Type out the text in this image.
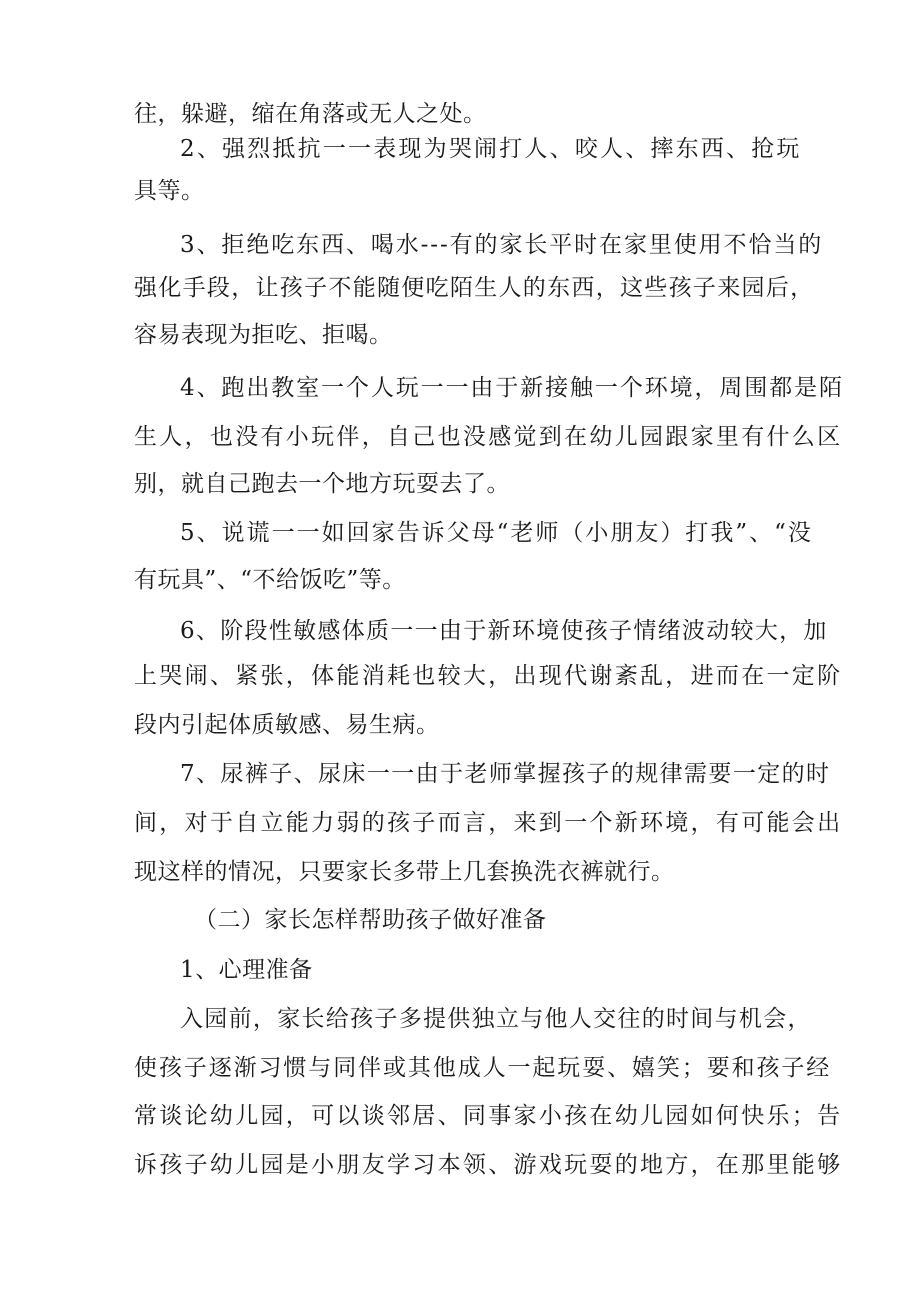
往，躲避，缩在角落或无人之处。
2、强烈抵抗一一表现为哭闹打人、咬人、摔东西、抢玩
具等。
3、拒绝吃东西、喝水---有的家长平时在家里使用不恰当的
强化手段，让孩子不能随便吃陌生人的东西，这些孩子来园后，
容易表现为拒吃、拒喝。
4、跑出教室一个人玩一一由于新接触一个环境，周围都是陌
生人，也没有小玩伴，自己也没感觉到在幼儿园跟家里有什么区
别，就自己跑去一个地方玩耍去了。
5、说谎一一如回家告诉父母“老师（小朋友）打我”、“没
有玩具”、“不给饭吃”等。
6、阶段性敏感体质一一由于新环境使孩子情绪波动较大，加
上哭闹、紧张，体能消耗也较大，出现代谢紊乱，进而在一定阶
段内引起体质敏感、易生病。
7、尿裤子、尿床一一由于老师掌握孩子的规律需要一定的时
间，对于自立能力弱的孩子而言，来到一个新环境，有可能会出
现这样的情况，只要家长多带上几套换洗衣裤就行。
（二）家长怎样帮助孩子做好准备
1、心理准备
入园前，家长给孩子多提供独立与他人交往的时间与机会，
使孩子逐渐习惯与同伴或其他成人一起玩耍、嬉笑；要和孩子经
常谈论幼儿园，可以谈邻居、同事家小孩在幼儿园如何快乐；告
诉孩子幼儿园是小朋友学习本领、游戏玩耍的地方，在那里能够
